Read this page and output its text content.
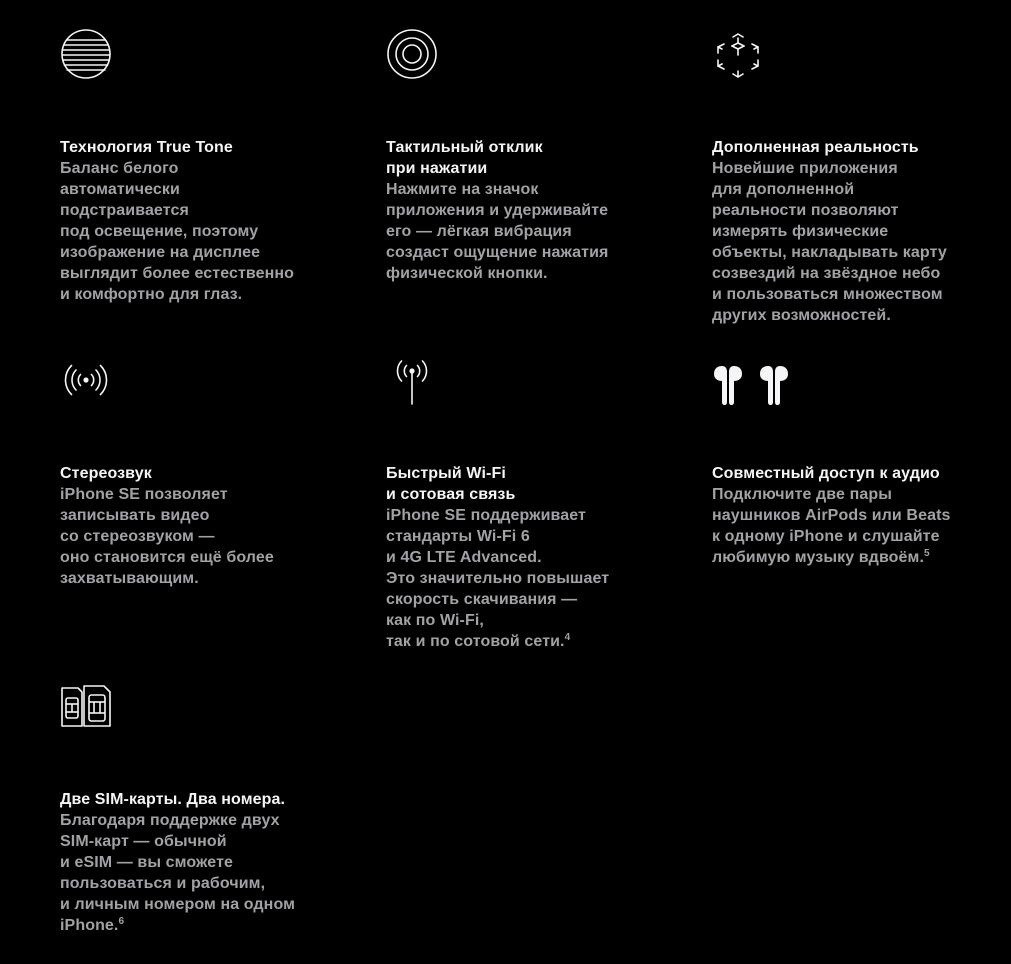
Технология True Tone
Баланс белого
автоматически
подстраивается
под освещение, поэтому
изображение на дисплее
выглядит более естественно
и комфортно для глаз.
Тактильный отклик
при нажатии
Нажмите на значок
приложения и удерживайте
его — лёгкая вибрация
создаст ощущение нажатия
физической кнопки.
Дополненная реальность
Новейшие приложения
для дополненной
реальности позволяют
измерять физические
объекты, накладывать карту
созвездий на звёздное небо
и пользоваться множеством
других возможностей.
Стереозвук
iPhone SE позволяет
записывать видео
со стереозвуком —
оно становится ещё более
захватывающим.
Быстрый Wi‑Fi
и сотовая связь
iPhone SE поддерживает
стандарты Wi‑Fi 6
и 4G LTE Advanced.
Это значительно повышает
скорость скачивания —
как по Wi‑Fi,
так и по сотовой сети.$^4$
Совместный доступ к аудио
Подключите две пары
наушников AirPods или Beats
к одному iPhone и слушайте
любимую музыку вдвоём.$^5$
Две SIM‑карты. Два номера.
Благодаря поддержке двух
SIM‑карт — обычной
и eSIM — вы сможете
пользоваться и рабочим,
и личным номером на одном
iPhone.$^6$
